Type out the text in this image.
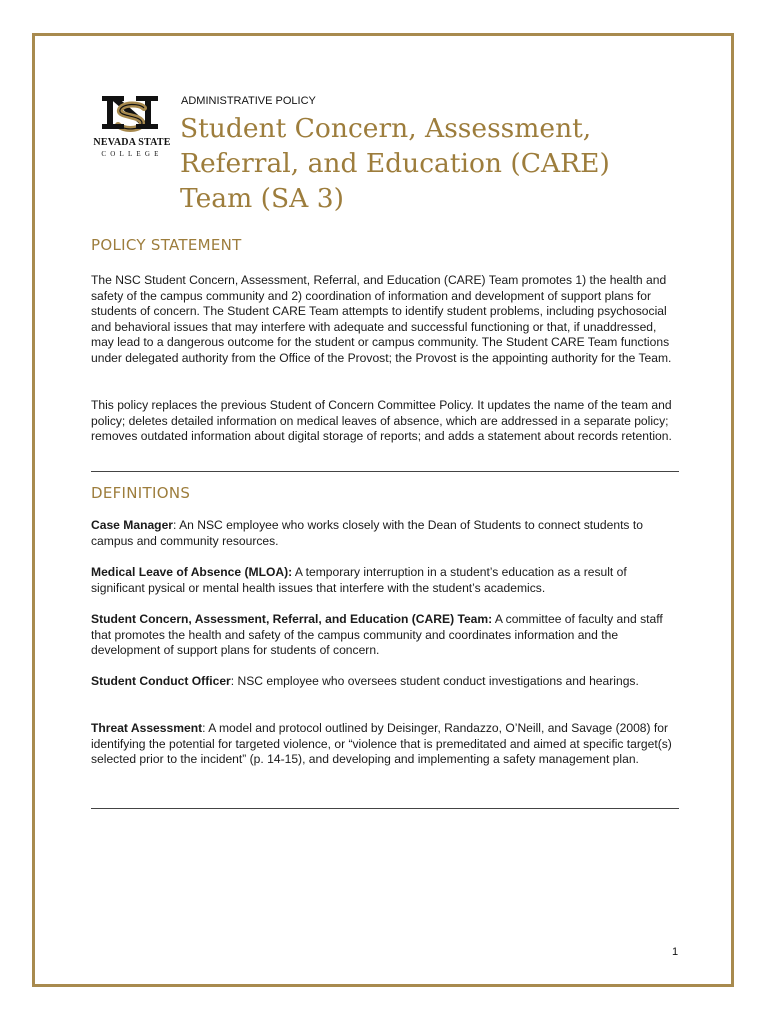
NEVADA STATE
COLLEGE
ADMINISTRATIVE POLICY
Student Concern, Assessment, Referral, and Education (CARE) Team (SA 3)
POLICY STATEMENT

The NSC Student Concern, Assessment, Referral, and Education (CARE) Team promotes 1) the health and safety of the campus community and 2) coordination of information and development of support plans for students of concern. The Student CARE Team attempts to identify student problems, including psychosocial and behavioral issues that may interfere with adequate and successful functioning or that, if unaddressed, may lead to a dangerous outcome for the student or campus community. The Student CARE Team functions under delegated authority from the Office of the Provost; the Provost is the appointing authority for the Team.

This policy replaces the previous Student of Concern Committee Policy. It updates the name of the team and policy; deletes detailed information on medical leaves of absence, which are addressed in a separate policy; removes outdated information about digital storage of reports; and adds a statement about records retention.

DEFINITIONS

Case Manager: An NSC employee who works closely with the Dean of Students to connect students to campus and community resources.

Medical Leave of Absence (MLOA): A temporary interruption in a student’s education as a result of significant pysical or mental health issues that interfere with the student’s academics.

Student Concern, Assessment, Referral, and Education (CARE) Team: A committee of faculty and staff that promotes the health and safety of the campus community and coordinates information and the development of support plans for students of concern.

Student Conduct Officer: NSC employee who oversees student conduct investigations and hearings.

Threat Assessment: A model and protocol outlined by Deisinger, Randazzo, O’Neill, and Savage (2008) for identifying the potential for targeted violence, or “violence that is premeditated and aimed at specific target(s) selected prior to the incident” (p. 14-15), and developing and implementing a safety management plan.

1
